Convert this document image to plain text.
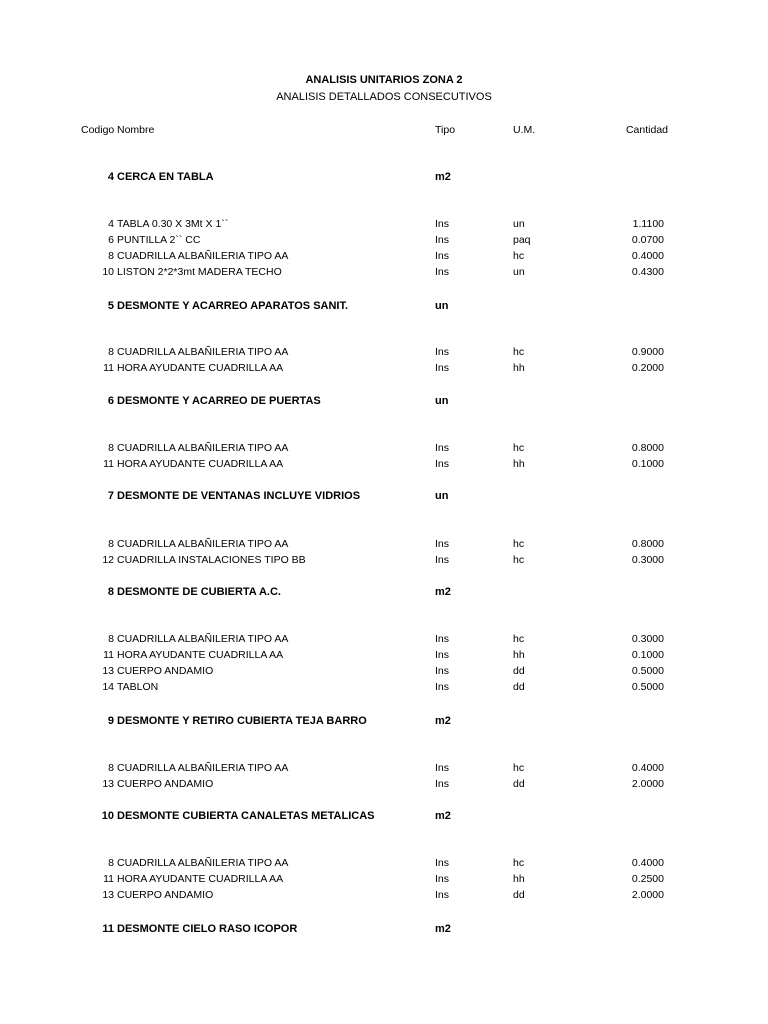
ANALISIS UNITARIOS ZONA 2
ANALISIS DETALLADOS CONSECUTIVOS
Codigo Nombre	Tipo	U.M.	Cantidad
4 CERCA EN TABLA	m2
4 TABLA 0.30 X 3Mt X 1``	Ins	un	1.1100
6 PUNTILLA 2`` CC	Ins	paq	0.0700
8 CUADRILLA ALBAÑILERIA TIPO AA	Ins	hc	0.4000
10 LISTON 2*2*3mt MADERA TECHO	Ins	un	0.4300
5 DESMONTE Y ACARREO APARATOS SANIT.	un
8 CUADRILLA ALBAÑILERIA TIPO AA	Ins	hc	0.9000
11 HORA AYUDANTE CUADRILLA AA	Ins	hh	0.2000
6 DESMONTE Y ACARREO DE PUERTAS	un
8 CUADRILLA ALBAÑILERIA TIPO AA	Ins	hc	0.8000
11 HORA AYUDANTE CUADRILLA AA	Ins	hh	0.1000
7 DESMONTE DE VENTANAS INCLUYE VIDRIOS	un
8 CUADRILLA ALBAÑILERIA TIPO AA	Ins	hc	0.8000
12 CUADRILLA INSTALACIONES TIPO BB	Ins	hc	0.3000
8 DESMONTE DE CUBIERTA A.C.	m2
8 CUADRILLA ALBAÑILERIA TIPO AA	Ins	hc	0.3000
11 HORA AYUDANTE CUADRILLA AA	Ins	hh	0.1000
13 CUERPO ANDAMIO	Ins	dd	0.5000
14 TABLON	Ins	dd	0.5000
9 DESMONTE Y RETIRO CUBIERTA TEJA BARRO	m2
8 CUADRILLA ALBAÑILERIA TIPO AA	Ins	hc	0.4000
13 CUERPO ANDAMIO	Ins	dd	2.0000
10 DESMONTE CUBIERTA CANALETAS METALICAS	m2
8 CUADRILLA ALBAÑILERIA TIPO AA	Ins	hc	0.4000
11 HORA AYUDANTE CUADRILLA AA	Ins	hh	0.2500
13 CUERPO ANDAMIO	Ins	dd	2.0000
11 DESMONTE CIELO RASO ICOPOR	m2
